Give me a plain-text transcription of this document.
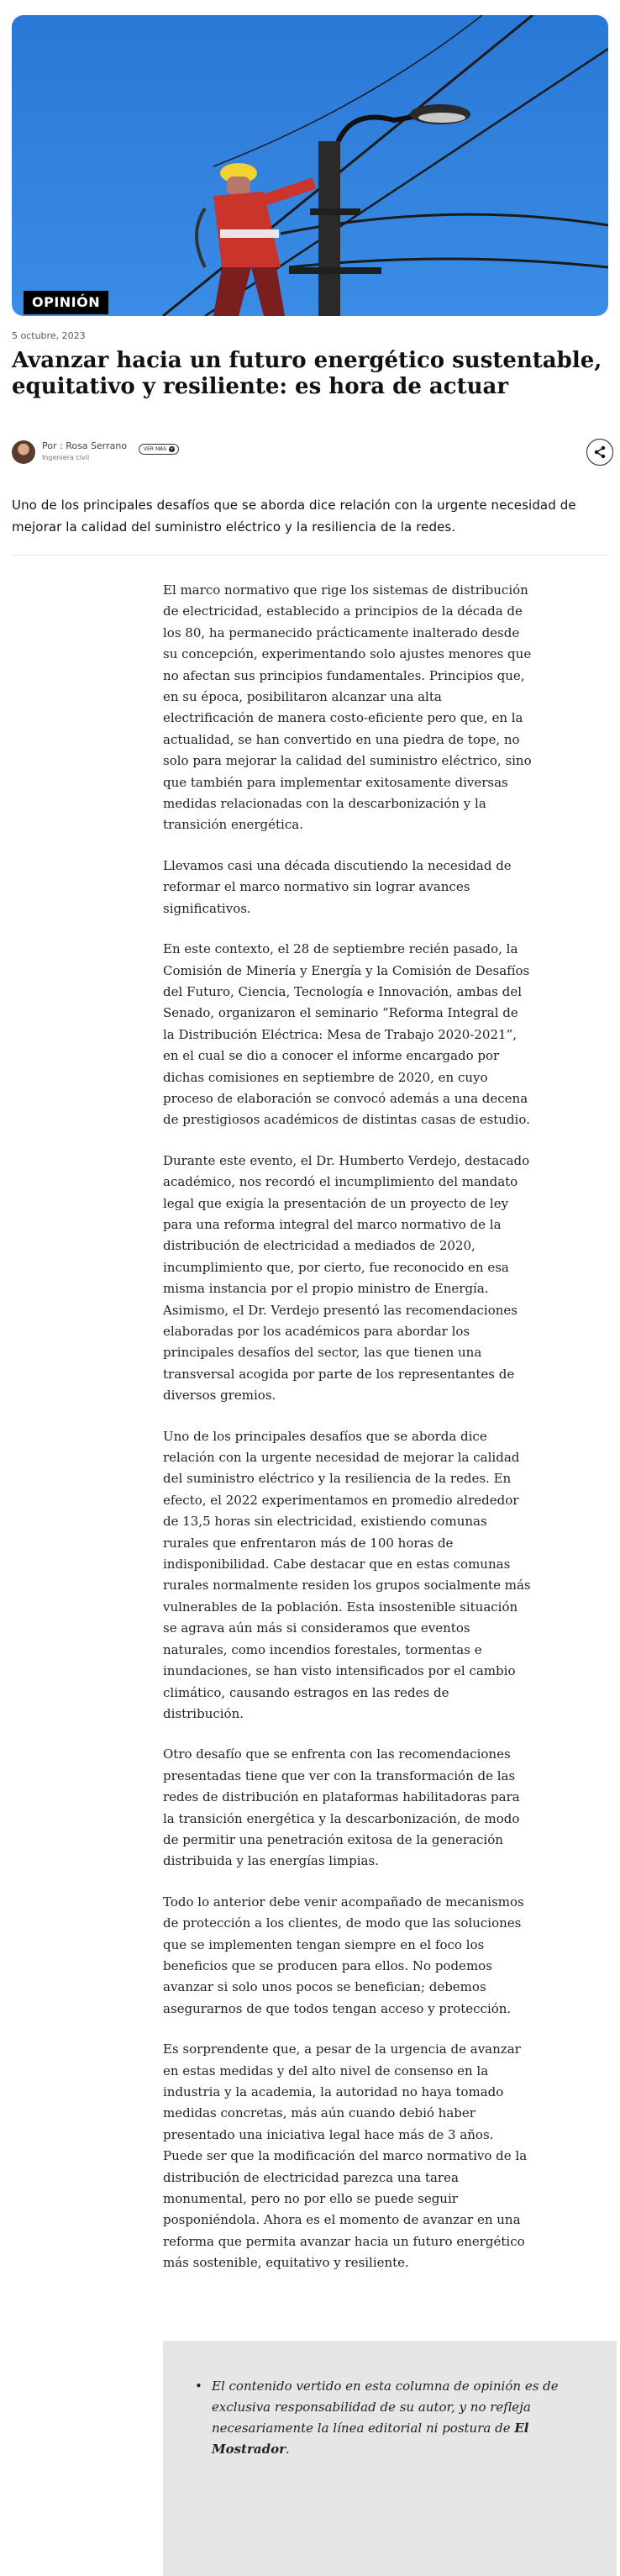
OPINIÓN
5 octubre, 2023
Avanzar hacia un futuro energético sustentable, equitativo y resiliente: es hora de actuar
Por : Rosa Serrano
Ingeniera civil
VER MÁS +

Uno de los principales desafíos que se aborda dice relación con la urgente necesidad de mejorar la calidad del suministro eléctrico y la resiliencia de la redes.

El marco normativo que rige los sistemas de distribución de electricidad, establecido a principios de la década de los 80, ha permanecido prácticamente inalterado desde su concepción, experimentando solo ajustes menores que no afectan sus principios fundamentales. Principios que, en su época, posibilitaron alcanzar una alta electrificación de manera costo-eficiente pero que, en la actualidad, se han convertido en una piedra de tope, no solo para mejorar la calidad del suministro eléctrico, sino que también para implementar exitosamente diversas medidas relacionadas con la descarbonización y la transición energética.

Llevamos casi una década discutiendo la necesidad de reformar el marco normativo sin lograr avances significativos.

En este contexto, el 28 de septiembre recién pasado, la Comisión de Minería y Energía y la Comisión de Desafíos del Futuro, Ciencia, Tecnología e Innovación, ambas del Senado, organizaron el seminario “Reforma Integral de la Distribución Eléctrica: Mesa de Trabajo 2020-2021”, en el cual se dio a conocer el informe encargado por dichas comisiones en septiembre de 2020, en cuyo proceso de elaboración se convocó además a una decena de prestigiosos académicos de distintas casas de estudio.

Durante este evento, el Dr. Humberto Verdejo, destacado académico, nos recordó el incumplimiento del mandato legal que exigía la presentación de un proyecto de ley para una reforma integral del marco normativo de la distribución de electricidad a mediados de 2020, incumplimiento que, por cierto, fue reconocido en esa misma instancia por el propio ministro de Energía. Asimismo, el Dr. Verdejo presentó las recomendaciones elaboradas por los académicos para abordar los principales desafíos del sector, las que tienen una transversal acogida por parte de los representantes de diversos gremios.

Uno de los principales desafíos que se aborda dice relación con la urgente necesidad de mejorar la calidad del suministro eléctrico y la resiliencia de la redes. En efecto, el 2022 experimentamos en promedio alrededor de 13,5 horas sin electricidad, existiendo comunas rurales que enfrentaron más de 100 horas de indisponibilidad. Cabe destacar que en estas comunas rurales normalmente residen los grupos socialmente más vulnerables de la población. Esta insostenible situación se agrava aún más si consideramos que eventos naturales, como incendios forestales, tormentas e inundaciones, se han visto intensificados por el cambio climático, causando estragos en las redes de distribución.

Otro desafío que se enfrenta con las recomendaciones presentadas tiene que ver con la transformación de las redes de distribución en plataformas habilitadoras para la transición energética y la descarbonización, de modo de permitir una penetración exitosa de la generación distribuida y las energías limpias.

Todo lo anterior debe venir acompañado de mecanismos de protección a los clientes, de modo que las soluciones que se implementen tengan siempre en el foco los beneficios que se producen para ellos. No podemos avanzar si solo unos pocos se benefician; debemos asegurarnos de que todos tengan acceso y protección.

Es sorprendente que, a pesar de la urgencia de avanzar en estas medidas y del alto nivel de consenso en la industria y la academia, la autoridad no haya tomado medidas concretas, más aún cuando debió haber presentado una iniciativa legal hace más de 3 años. Puede ser que la modificación del marco normativo de la distribución de electricidad parezca una tarea monumental, pero no por ello se puede seguir posponiéndola. Ahora es el momento de avanzar en una reforma que permita avanzar hacia un futuro energético más sostenible, equitativo y resiliente.

• El contenido vertido en esta columna de opinión es de exclusiva responsabilidad de su autor, y no refleja necesariamente la línea editorial ni postura de El Mostrador.
